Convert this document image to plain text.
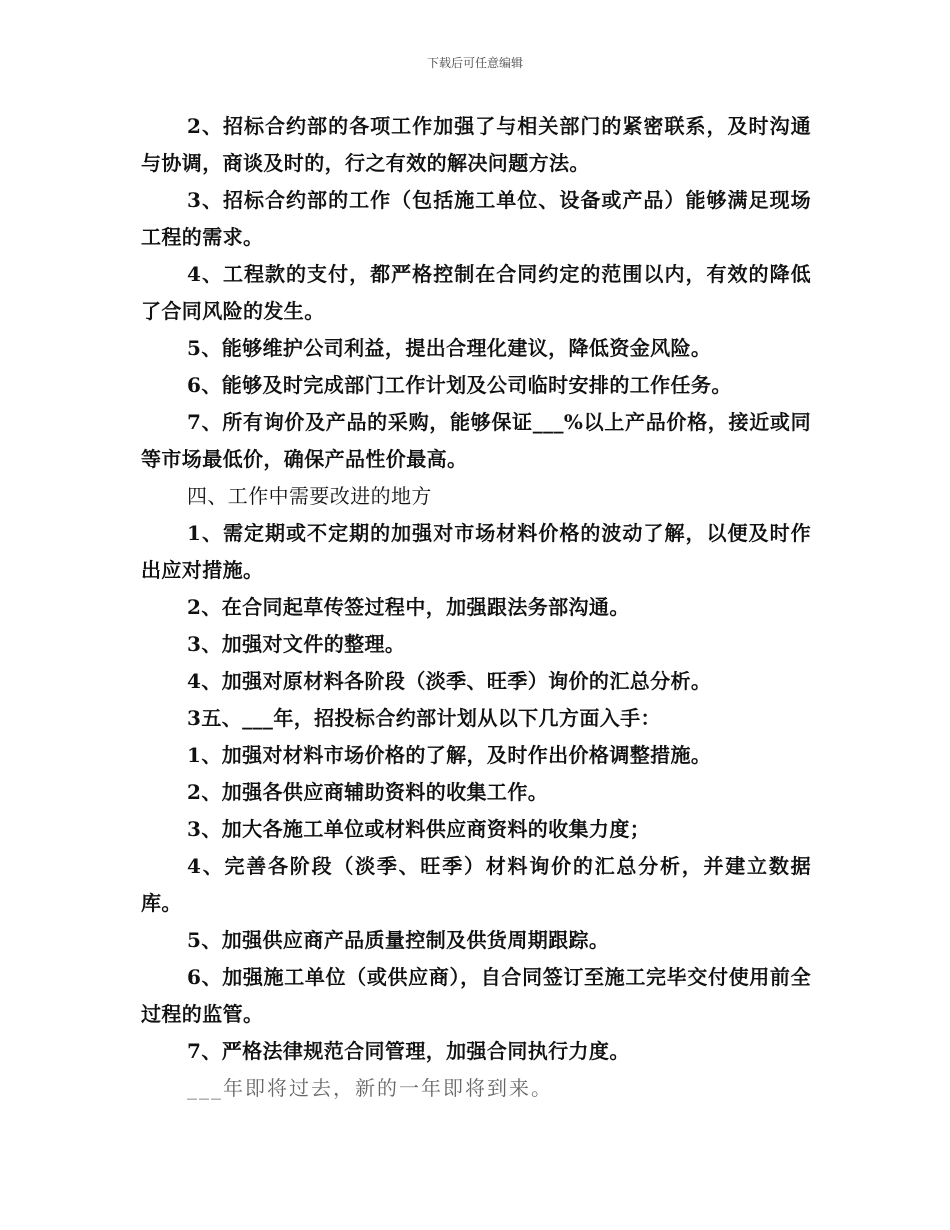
下载后可任意编辑

2、招标合约部的各项工作加强了与相关部门的紧密联系，及时沟通与协调，商谈及时的，行之有效的解决问题方法。

3、招标合约部的工作（包括施工单位、设备或产品）能够满足现场工程的需求。

4、工程款的支付，都严格控制在合同约定的范围以内，有效的降低了合同风险的发生。

5、能够维护公司利益，提出合理化建议，降低资金风险。

6、能够及时完成部门工作计划及公司临时安排的工作任务。

7、所有询价及产品的采购，能够保证___%以上产品价格，接近或同等市场最低价，确保产品性价最高。

四、工作中需要改进的地方

1、需定期或不定期的加强对市场材料价格的波动了解，以便及时作出应对措施。

2、在合同起草传签过程中，加强跟法务部沟通。

3、加强对文件的整理。

4、加强对原材料各阶段（淡季、旺季）询价的汇总分析。

3五、___年，招投标合约部计划从以下几方面入手：

1、加强对材料市场价格的了解，及时作出价格调整措施。

2、加强各供应商辅助资料的收集工作。

3、加大各施工单位或材料供应商资料的收集力度；

4、完善各阶段（淡季、旺季）材料询价的汇总分析，并建立数据库。

5、加强供应商产品质量控制及供货周期跟踪。

6、加强施工单位（或供应商），自合同签订至施工完毕交付使用前全过程的监管。

7、严格法律规范合同管理，加强合同执行力度。

___年即将过去，新的一年即将到来。
